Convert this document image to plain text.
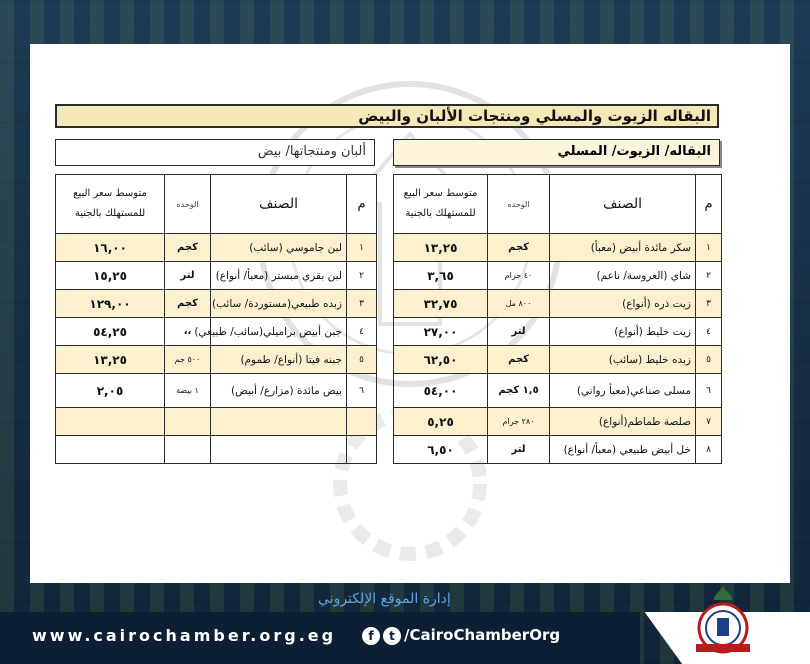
البقاله الزيوت والمسلي ومنتجات الألبان والبيض
البقاله/ الزيوت/ المسلي
ألبان ومنتجاتها/ بيض
م	الصنف	الوحده	متوسط سعر البيع للمستهلك بالجنية
١	سكر مائدة أبيض (معبأ)	كجم	١٣,٢٥
٢	شاي (العروسة/ ناعم)	٤٠ جرام	٣,٦٥
٣	زيت ذره (أنواع)	٨٠٠ مل	٣٢,٧٥
٤	زيت خليط (أنواع)	لتر	٢٧,٠٠
٥	زبده خليط (سائب)	كجم	٦٢,٥٠
٦	مسلى صناعي(معبأ رواني)	١,٥ كجم	٥٤,٠٠
٧	صلصة طماطم(أنواع)	٢٨٠ جرام	٥,٢٥
٨	خل أبيض طبيعي (معبأ/ أنواع)	لتر	٦,٥٠
م	الصنف	الوحده	متوسط سعر البيع للمستهلك بالجنية
١	لبن جاموسي (سائب)	كجم	١٦,٠٠
٢	لبن بقري مبستر (معبأ/ أنواع)	لتر	١٥,٢٥
٣	زبده طبيعي(مستوردة/ سائب)	كجم	١٢٩,٠٠
٤	جبن أبيض براميلي(سائب/ طبيعي)	،،	٥٤,٢٥
٥	جبنه فيتا (أنواع/ طموم)	٥٠٠ جم	١٣,٢٥
٦	بيض مائدة (مزارع/ أبيض)	١ بيضة	٢,٠٥

إدارة الموقع الإلكتروني
www.cairochamber.org.eg	f t /CairoChamberOrg
